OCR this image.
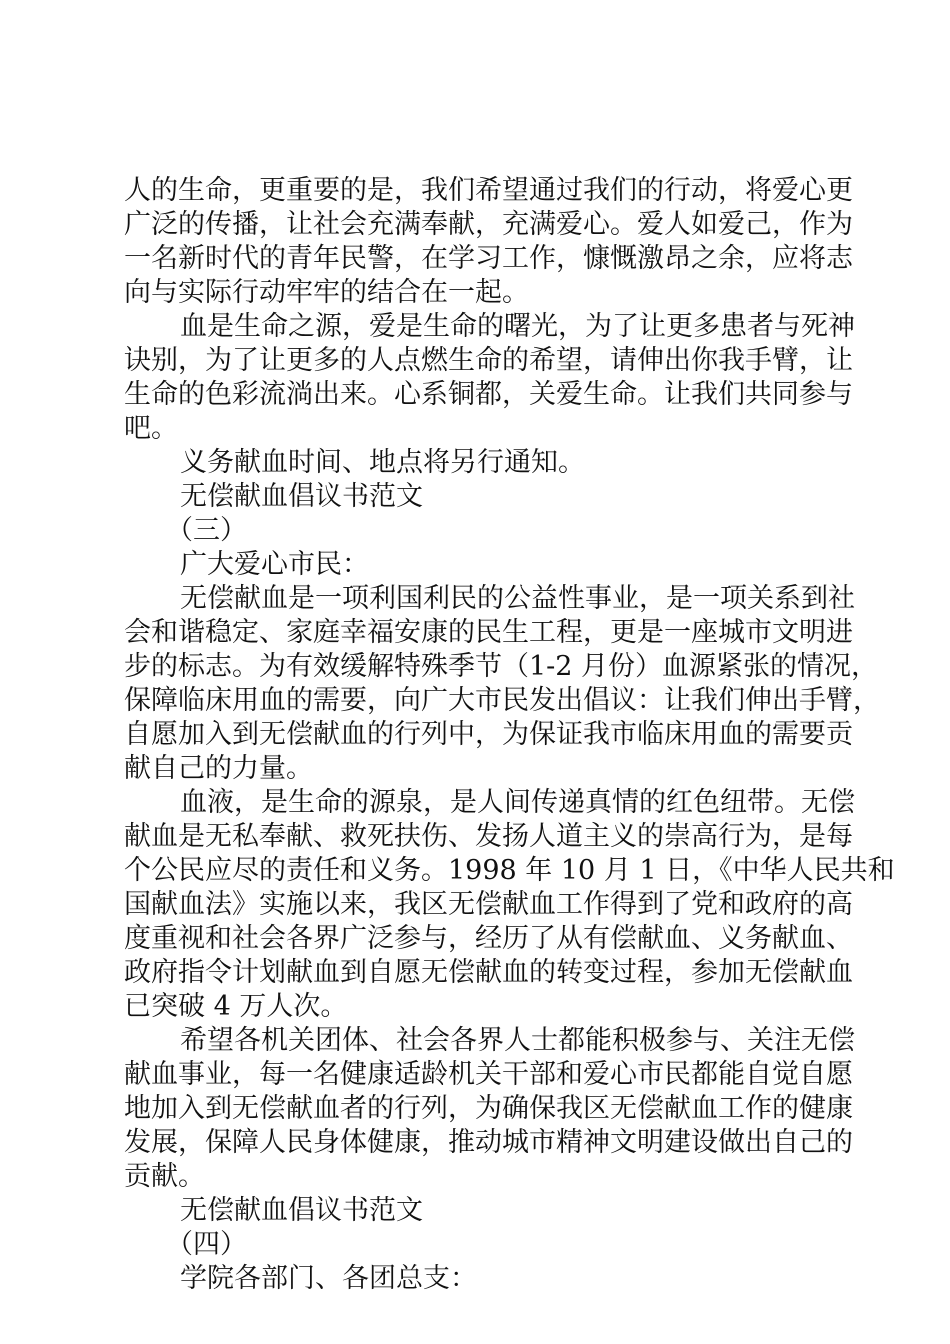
人的生命，更重要的是，我们希望通过我们的行动，将爱心更

广泛的传播，让社会充满奉献，充满爱心。爱人如爱己，作为

一名新时代的青年民警，在学习工作，慷慨激昂之余，应将志

向与实际行动牢牢的结合在一起。

血是生命之源，爱是生命的曙光，为了让更多患者与死神

诀别，为了让更多的人点燃生命的希望，请伸出你我手臂，让

生命的色彩流淌出来。心系铜都，关爱生命。让我们共同参与

吧。

义务献血时间、地点将另行通知。

无偿献血倡议书范文

（三）

广大爱心市民：

无偿献血是一项利国利民的公益性事业，是一项关系到社

会和谐稳定、家庭幸福安康的民生工程，更是一座城市文明进

步的标志。为有效缓解特殊季节（1-2 月份）血源紧张的情况，

保障临床用血的需要，向广大市民发出倡议：让我们伸出手臂，

自愿加入到无偿献血的行列中，为保证我市临床用血的需要贡

献自己的力量。

血液，是生命的源泉，是人间传递真情的红色纽带。无偿

献血是无私奉献、救死扶伤、发扬人道主义的崇高行为，是每

个公民应尽的责任和义务。1998 年 10 月 1 日，《中华人民共和

国献血法》实施以来，我区无偿献血工作得到了党和政府的高

度重视和社会各界广泛参与，经历了从有偿献血、义务献血、

政府指令计划献血到自愿无偿献血的转变过程，参加无偿献血

已突破 4 万人次。

希望各机关团体、社会各界人士都能积极参与、关注无偿

献血事业，每一名健康适龄机关干部和爱心市民都能自觉自愿

地加入到无偿献血者的行列，为确保我区无偿献血工作的健康

发展，保障人民身体健康，推动城市精神文明建设做出自己的

贡献。

无偿献血倡议书范文

（四）

学院各部门、各团总支：
